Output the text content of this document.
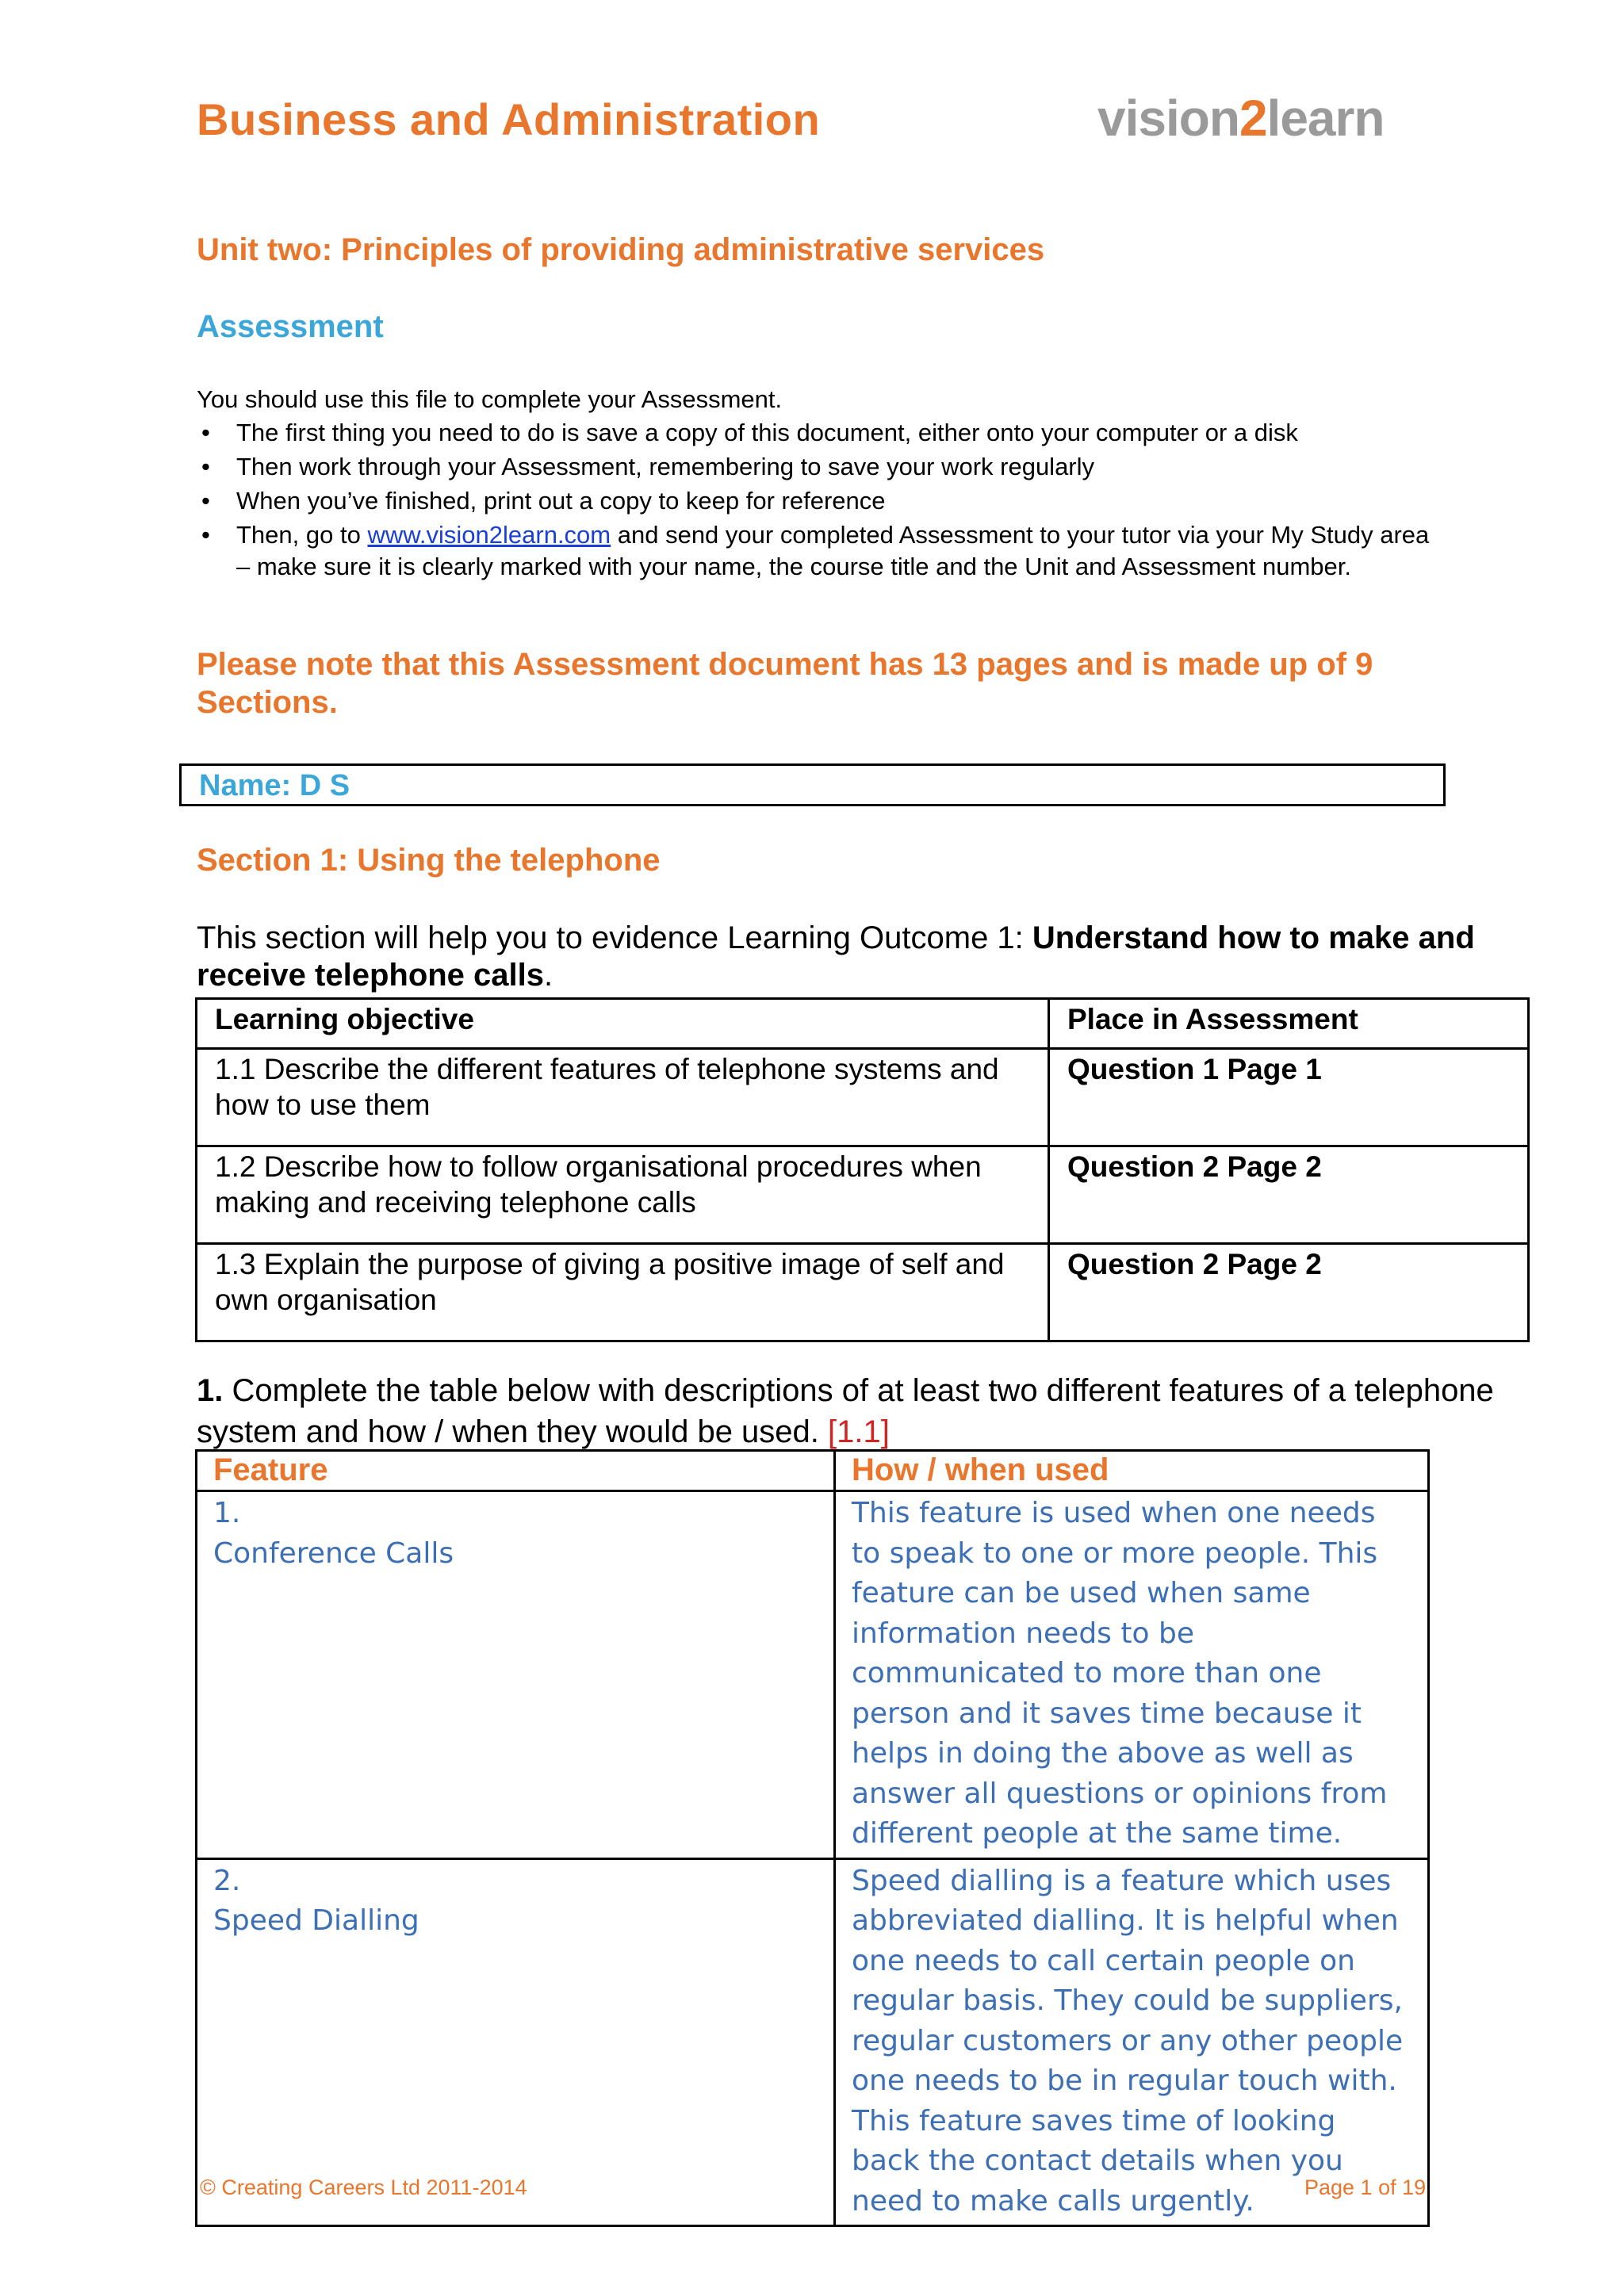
Business and Administration	vision2learn
Unit two: Principles of providing administrative services
Assessment
You should use this file to complete your Assessment.
• The first thing you need to do is save a copy of this document, either onto your computer or a disk
• Then work through your Assessment, remembering to save your work regularly
• When you’ve finished, print out a copy to keep for reference
• Then, go to www.vision2learn.com and send your completed Assessment to your tutor via your My Study area – make sure it is clearly marked with your name, the course title and the Unit and Assessment number.
Please note that this Assessment document has 13 pages and is made up of 9 Sections.
Name: D S
Section 1: Using the telephone
This section will help you to evidence Learning Outcome 1: Understand how to make and receive telephone calls.
Learning objective	Place in Assessment
1.1 Describe the different features of telephone systems and how to use them	Question 1 Page 1
1.2 Describe how to follow organisational procedures when making and receiving telephone calls	Question 2 Page 2
1.3 Explain the purpose of giving a positive image of self and own organisation	Question 2 Page 2
1. Complete the table below with descriptions of at least two different features of a telephone system and how / when they would be used. [1.1]
Feature	How / when used

1.
Conference Calls	This feature is used when one needs to speak to one or more people. This feature can be used when same information needs to be communicated to more than one person and it saves time because it helps in doing the above as well as answer all questions or opinions from different people at the same time.

2.
Speed Dialling	Speed dialling is a feature which uses abbreviated dialling. It is helpful when one needs to call certain people on regular basis. They could be suppliers, regular customers or any other people one needs to be in regular touch with. This feature saves time of looking back the contact details when you need to make calls urgently.
© Creating Careers Ltd 2011-2014	Page 1 of 19
